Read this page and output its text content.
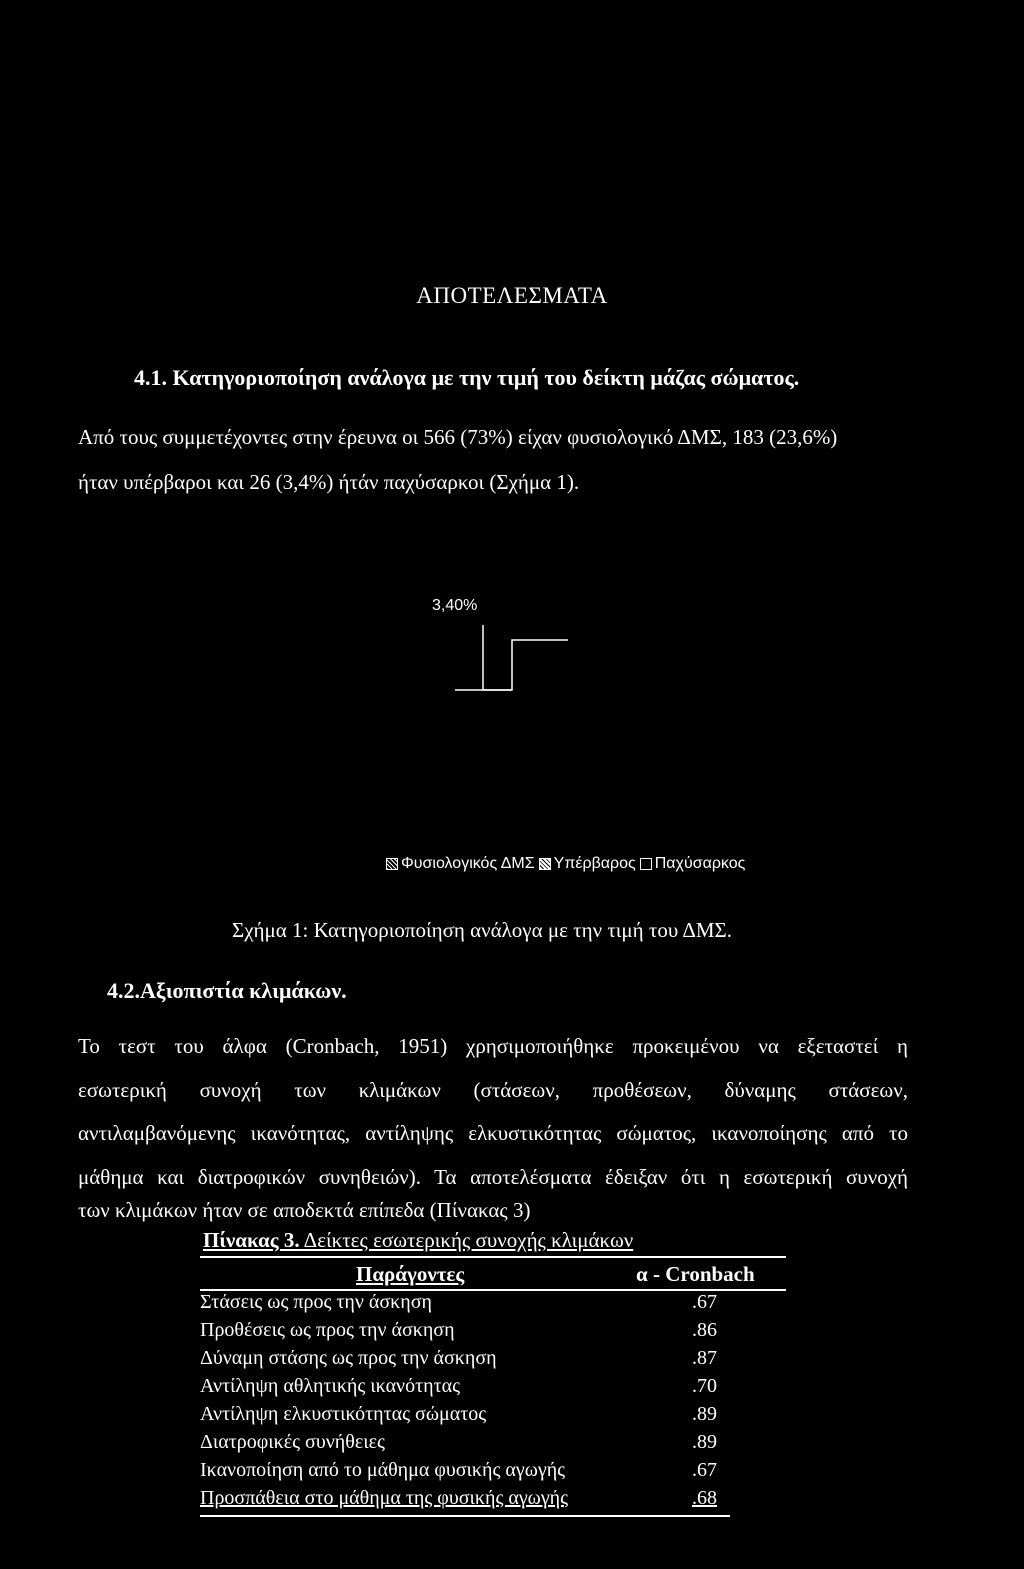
ΑΠΟΤΕΛΕΣΜΑΤΑ
4.1. Κατηγοριοποίηση ανάλογα με την τιμή του δείκτη μάζας σώματος.
Από τους συμμετέχοντες στην έρευνα οι 566 (73%) είχαν φυσιολογικό ΔΜΣ, 183 (23,6%)
ήταν υπέρβαροι και 26 (3,4%) ήτάν παχύσαρκοι (Σχήμα 1).
3,40%
Φυσιολογικός ΔΜΣ Υπέρβαρος Παχύσαρκος
Σχήμα 1: Κατηγοριοποίηση ανάλογα με την τιμή του ΔΜΣ.
4.2.Αξιοπιστία κλιμάκων.
Το τεστ του άλφα (Cronbach, 1951) χρησιμοποιήθηκε προκειμένου να εξεταστεί η
εσωτερική συνοχή των κλιμάκων (στάσεων, προθέσεων, δύναμης στάσεων,
αντιλαμβανόμενης ικανότητας, αντίληψης ελκυστικότητας σώματος, ικανοποίησης από το
μάθημα και διατροφικών συνηθειών). Τα αποτελέσματα έδειξαν ότι η εσωτερική συνοχή
των κλιμάκων ήταν σε αποδεκτά επίπεδα (Πίνακας 3)
Πίνακας 3. Δείκτες εσωτερικής συνοχής κλιμάκων
Παράγοντες	α - Cronbach
Στάσεις ως προς την άσκηση	.67
Προθέσεις ως προς την άσκηση	.86
Δύναμη στάσης ως προς την άσκηση	.87
Αντίληψη αθλητικής ικανότητας	.70
Αντίληψη ελκυστικότητας σώματος	.89
Διατροφικές συνήθειες	.89
Ικανοποίηση από το μάθημα φυσικής αγωγής	.67
Προσπάθεια στο μάθημα της φυσικής αγωγής	.68
